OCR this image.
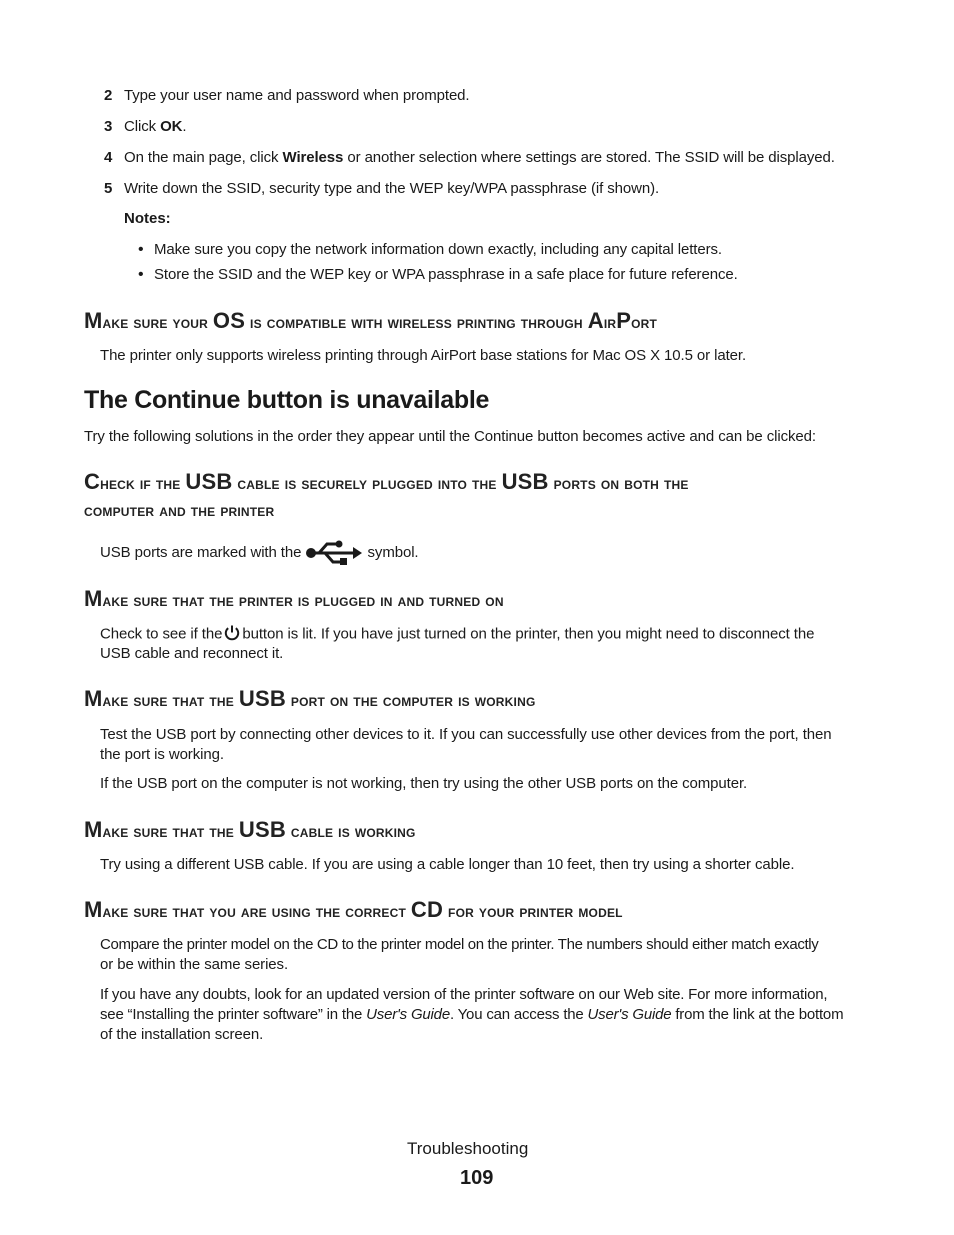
2 Type your user name and password when prompted.
3 Click OK.
4 On the main page, click Wireless or another selection where settings are stored. The SSID will be displayed.
5 Write down the SSID, security type and the WEP key/WPA passphrase (if shown).
Notes:
• Make sure you copy the network information down exactly, including any capital letters.
• Store the SSID and the WEP key or WPA passphrase in a safe place for future reference.
Make sure your OS is compatible with wireless printing through AirPort
The printer only supports wireless printing through AirPort base stations for Mac OS X 10.5 or later.
The Continue button is unavailable
Try the following solutions in the order they appear until the Continue button becomes active and can be clicked:
Check if the USB cable is securely plugged into the USB ports on both the
computer and the printer
USB ports are marked with the	symbol.
Make sure that the printer is plugged in and turned on
Check to see if the button is lit. If you have just turned on the printer, then you might need to disconnect the
USB cable and reconnect it.
Make sure that the USB port on the computer is working
Test the USB port by connecting other devices to it. If you can successfully use other devices from the port, then
the port is working.
If the USB port on the computer is not working, then try using the other USB ports on the computer.
Make sure that the USB cable is working
Try using a different USB cable. If you are using a cable longer than 10 feet, then try using a shorter cable.
Make sure that you are using the correct CD for your printer model
Compare the printer model on the CD to the printer model on the printer. The numbers should either match exactly
or be within the same series.
If you have any doubts, look for an updated version of the printer software on our Web site. For more information,
see “Installing the printer software” in the User's Guide. You can access the User's Guide from the link at the bottom
of the installation screen.
Troubleshooting
109
